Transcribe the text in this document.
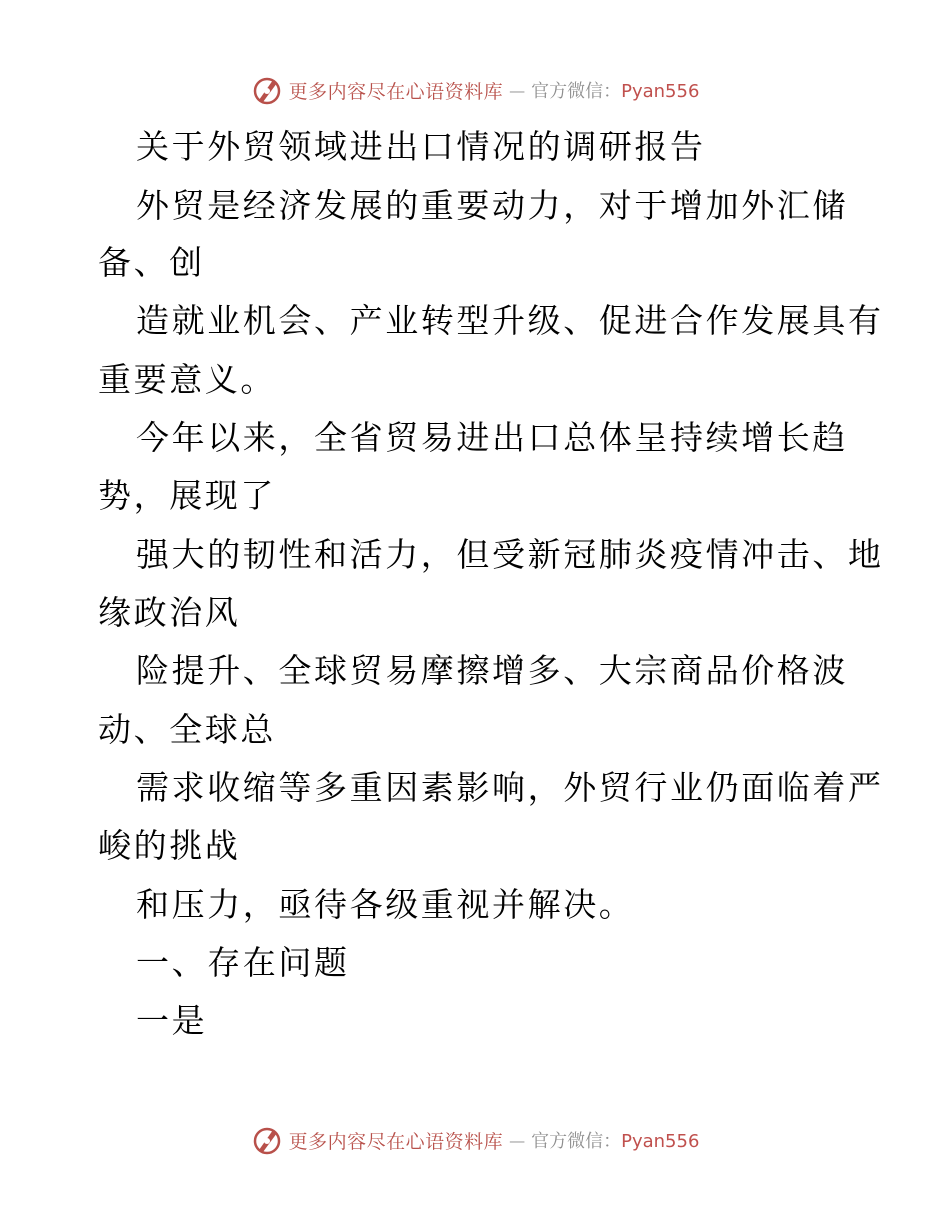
更多内容尽在心语资料库 — 官方微信：Pyan556
关于外贸领域进出口情况的调研报告
外贸是经济发展的重要动力，对于增加外汇储
备、创
造就业机会、产业转型升级、促进合作发展具有
重要意义。
今年以来，全省贸易进出口总体呈持续增长趋
势，展现了
强大的韧性和活力，但受新冠肺炎疫情冲击、地
缘政治风
险提升、全球贸易摩擦增多、大宗商品价格波
动、全球总
需求收缩等多重因素影响，外贸行业仍面临着严
峻的挑战
和压力，亟待各级重视并解决。
一、存在问题
一是
更多内容尽在心语资料库 — 官方微信：Pyan556
